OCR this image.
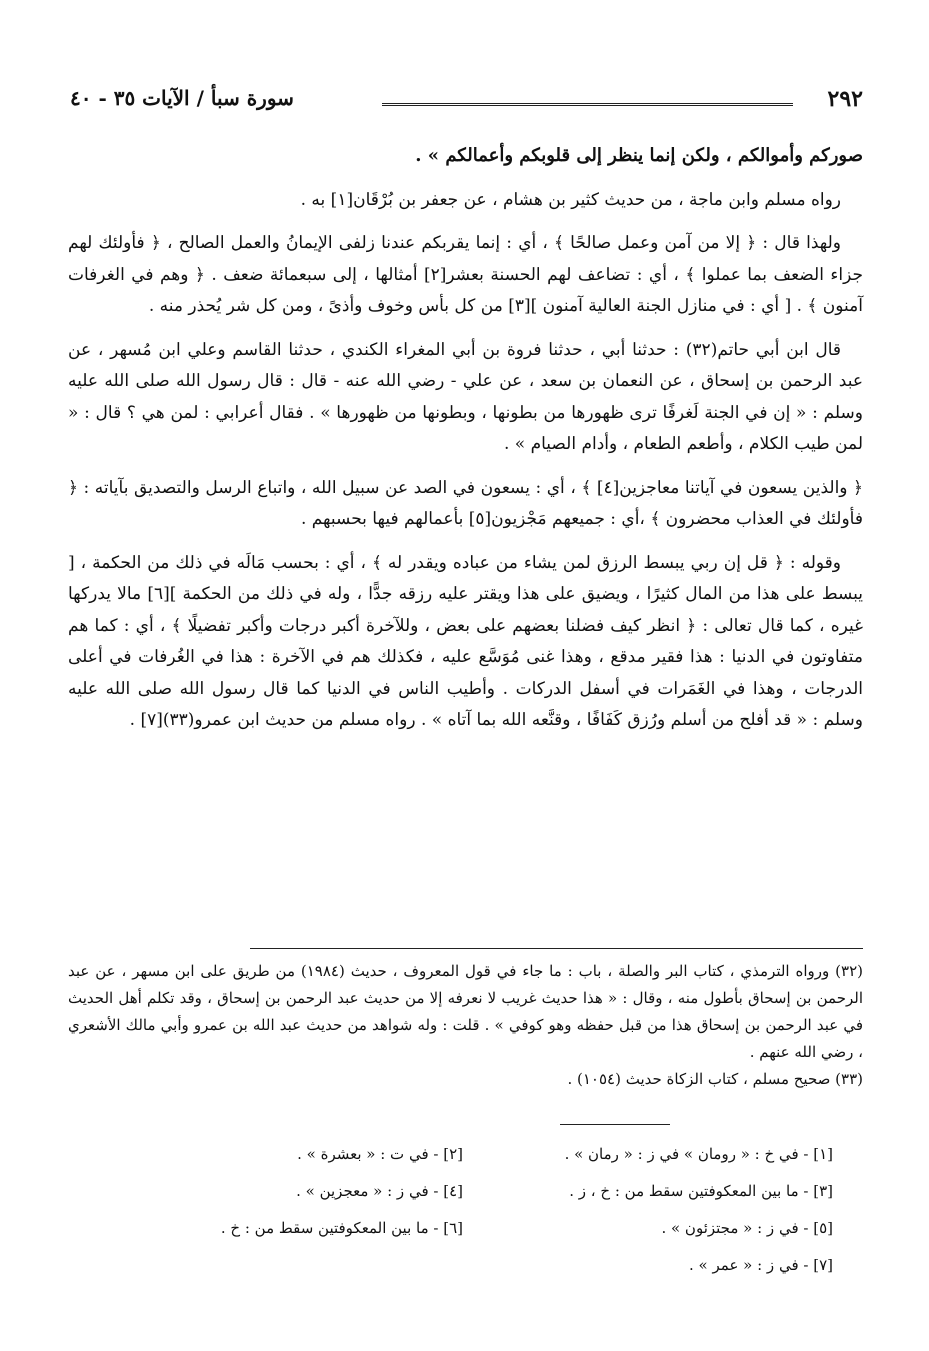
٢٩٢
سورة سبأ / الآيات ٣٥ - ٤٠

صوركم وأموالكم ، ولكن إنما ينظر إلى قلوبكم وأعمالكم » .

رواه مسلم وابن ماجة ، من حديث كثير بن هشام ، عن جعفر بن بُرْقَان[١] به .

ولهذا قال : ﴿ إلا من آمن وعمل صالحًا ﴾ ، أي : إنما يقربكم عندنا زلفى الإيمانُ والعمل الصالح ، ﴿ فأولئك لهم جزاء الضعف بما عملوا ﴾ ، أي : تضاعف لهم الحسنة بعشر[٢] أمثالها ، إلى سبعمائة ضعف . ﴿ وهم في الغرفات آمنون ﴾ . [ أي : في منازل الجنة العالية آمنون ][٣] من كل بأس وخوف وأذىً ، ومن كل شر يُحذر منه .

قال ابن أبي حاتم(٣٢) : حدثنا أبي ، حدثنا فروة بن أبي المغراء الكندي ، حدثنا القاسم وعلي ابن مُسهر ، عن عبد الرحمن بن إسحاق ، عن النعمان بن سعد ، عن علي - رضي الله عنه - قال : قال رسول الله صلى الله عليه وسلم : « إن في الجنة لَغرفًا ترى ظهورها من بطونها ، وبطونها من ظهورها » . فقال أعرابي : لمن هي ؟ قال : « لمن طيب الكلام ، وأطعم الطعام ، وأدام الصيام » .

﴿ والذين يسعون في آياتنا معاجزين[٤] ﴾ ، أي : يسعون في الصد عن سبيل الله ، واتباع الرسل والتصديق بآياته : ﴿ فأولئك في العذاب محضرون ﴾ ،أي : جميعهم مَجْزيون[٥] بأعمالهم فيها بحسبهم .

وقوله : ﴿ قل إن ربي يبسط الرزق لمن يشاء من عباده ويقدر له ﴾ ، أي : بحسب مَالَه في ذلك من الحكمة ، [ يبسط على هذا من المال كثيرًا ، ويضيق على هذا ويقتر عليه رزقه جدًّا ، وله في ذلك من الحكمة ][٦] مالا يدركها غيره ، كما قال تعالى : ﴿ انظر كيف فضلنا بعضهم على بعض ، وللآخرة أكبر درجات وأكبر تفضيلًا ﴾ ، أي : كما هم متفاوتون في الدنيا : هذا فقير مدقع ، وهذا غنى مُوَسَّع عليه ، فكذلك هم في الآخرة : هذا في الغُرفات في أعلى الدرجات ، وهذا في الغَمَرات في أسفل الدركات . وأطيب الناس في الدنيا كما قال رسول الله صلى الله عليه وسلم : « قد أفلح من أسلم ورُزق كَفَافًا ، وقنَّعه الله بما آتاه » . رواه مسلم من حديث ابن عمرو(٣٣)[٧] .

(٣٢) ورواه الترمذي ، كتاب البر والصلة ، باب : ما جاء في قول المعروف ، حديث (١٩٨٤) من طريق على ابن مسهر ، عن عبد الرحمن بن إسحاق بأطول منه ، وقال : « هذا حديث غريب لا نعرفه إلا من حديث عبد الرحمن بن إسحاق ، وقد تكلم أهل الحديث في عبد الرحمن بن إسحاق هذا من قبل حفظه وهو كوفي » . قلت : وله شواهد من حديث عبد الله بن عمرو وأبي مالك الأشعري ، رضي الله عنهم .

(٣٣) صحيح مسلم ، كتاب الزكاة حديث (١٠٥٤) .

[١] - في خ : « رومان » في ز : « رمان » .
[٢] - في ت : « بعشرة » .
[٣] - ما بين المعكوفتين سقط من : خ ، ز .
[٤] - في ز : « معجزين » .
[٥] - في ز : « مجتزئون » .
[٦] - ما بين المعكوفتين سقط من : خ .
[٧] - في ز : « عمر » .
